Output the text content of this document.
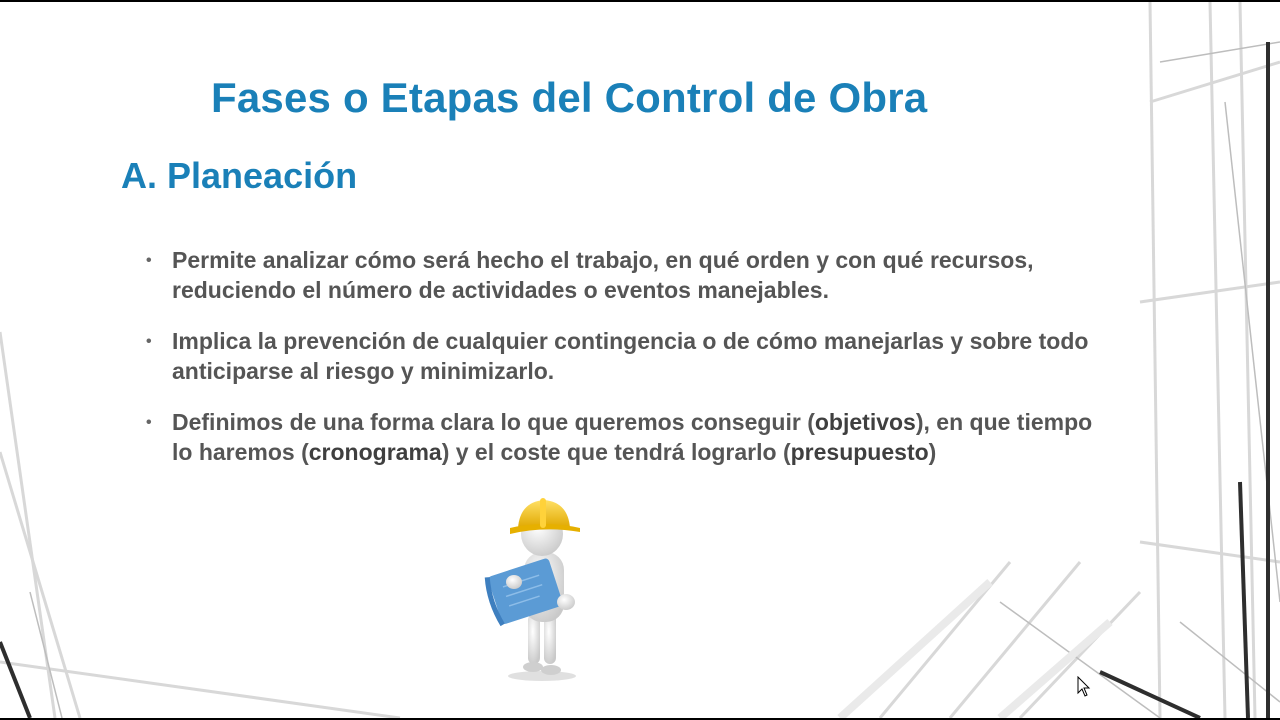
Fases o Etapas del Control de Obra
A. Planeación
• Permite analizar cómo será hecho el trabajo, en qué orden y con qué recursos, reduciendo el número de actividades o eventos manejables.
• Implica la prevención de cualquier contingencia o de cómo manejarlas y sobre todo anticiparse al riesgo y minimizarlo.
• Definimos de una forma clara lo que queremos conseguir (objetivos), en que tiempo lo haremos (cronograma) y el coste que tendrá lograrlo (presupuesto)
